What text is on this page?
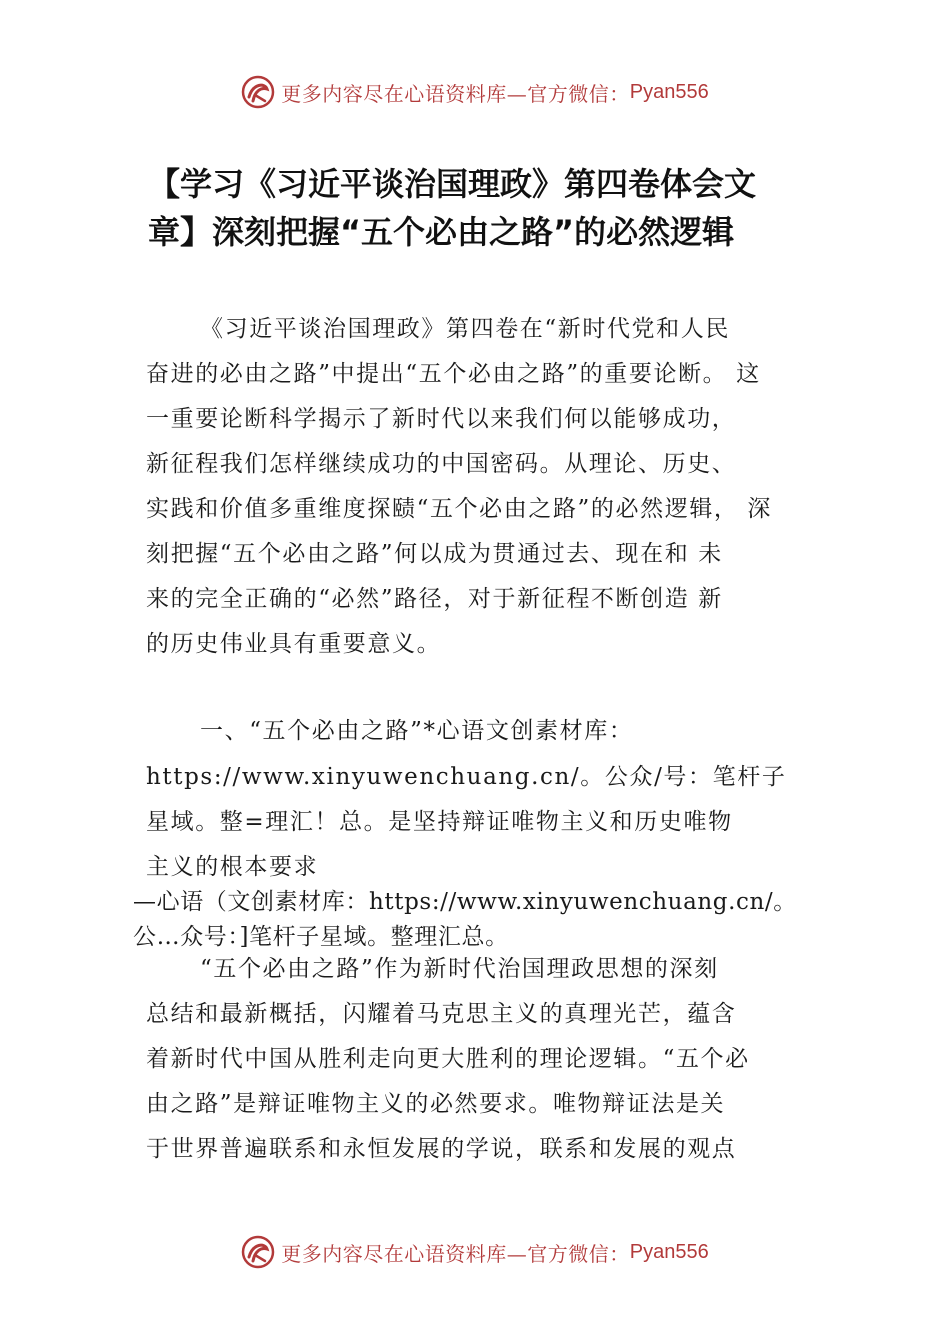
更多内容尽在心语资料库—官方微信： Pyan556
【学习《习近平谈治国理政》第四卷体会文
章】深刻把握“五个必由之路”的必然逻辑
《习近平谈治国理政》第四卷在“新时代党和人民
奋进的必由之路”中提出“五个必由之路”的重要论断。 这
一重要论断科学揭示了新时代以来我们何以能够成功，
新征程我们怎样继续成功的中国密码。从理论、历史、
实践和价值多重维度探赜“五个必由之路”的必然逻辑， 深
刻把握“五个必由之路”何以成为贯通过去、现在和 未
来的完全正确的“必然”路径，对于新征程不断创造 新
的历史伟业具有重要意义。
一、“五个必由之路”*心语文创素材库：
https://www.xinyuwenchuang.cn/。公众/号：笔杆子
星域。整=理汇！总。是坚持辩证唯物主义和历史唯物
主义的根本要求
—心语（文创素材库：https://www.xinyuwenchuang.cn/。
公…众号：]笔杆子星域。整理汇总。
“五个必由之路”作为新时代治国理政思想的深刻
总结和最新概括，闪耀着马克思主义的真理光芒，蕴含
着新时代中国从胜利走向更大胜利的理论逻辑。“五个必
由之路”是辩证唯物主义的必然要求。唯物辩证法是关
于世界普遍联系和永恒发展的学说，联系和发展的观点
更多内容尽在心语资料库—官方微信： Pyan556
